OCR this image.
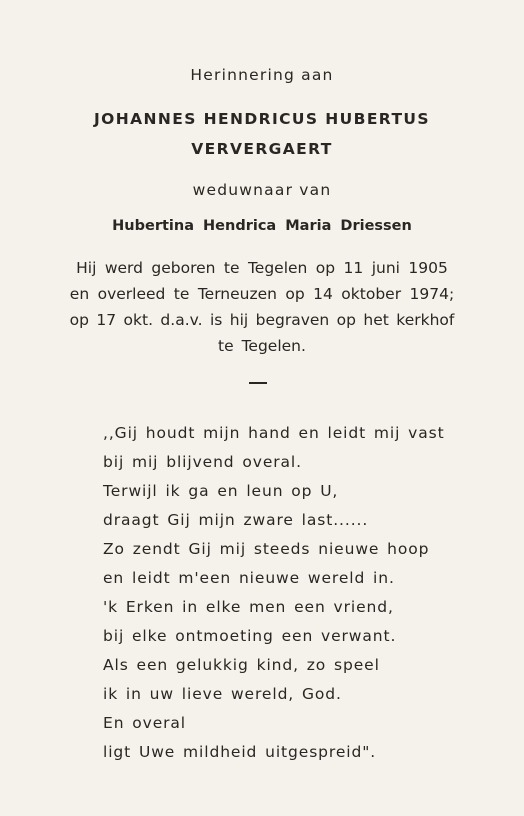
Herinnering aan
JOHANNES HENDRICUS HUBERTUS
VERVERGAERT
weduwnaar van
Hubertina Hendrica Maria Driessen
Hij werd geboren te Tegelen op 11 juni 1905
en overleed te Terneuzen op 14 oktober 1974;
op 17 okt. d.a.v. is hij begraven op het kerkhof
te Tegelen.
,,Gij houdt mijn hand en leidt mij vast
bij mij blijvend overal.
Terwijl ik ga en leun op U,
draagt Gij mijn zware last......
Zo zendt Gij mij steeds nieuwe hoop
en leidt m'een nieuwe wereld in.
'k Erken in elke men een vriend,
bij elke ontmoeting een verwant.
Als een gelukkig kind, zo speel
ik in uw lieve wereld, God.
En overal
ligt Uwe mildheid uitgespreid".
